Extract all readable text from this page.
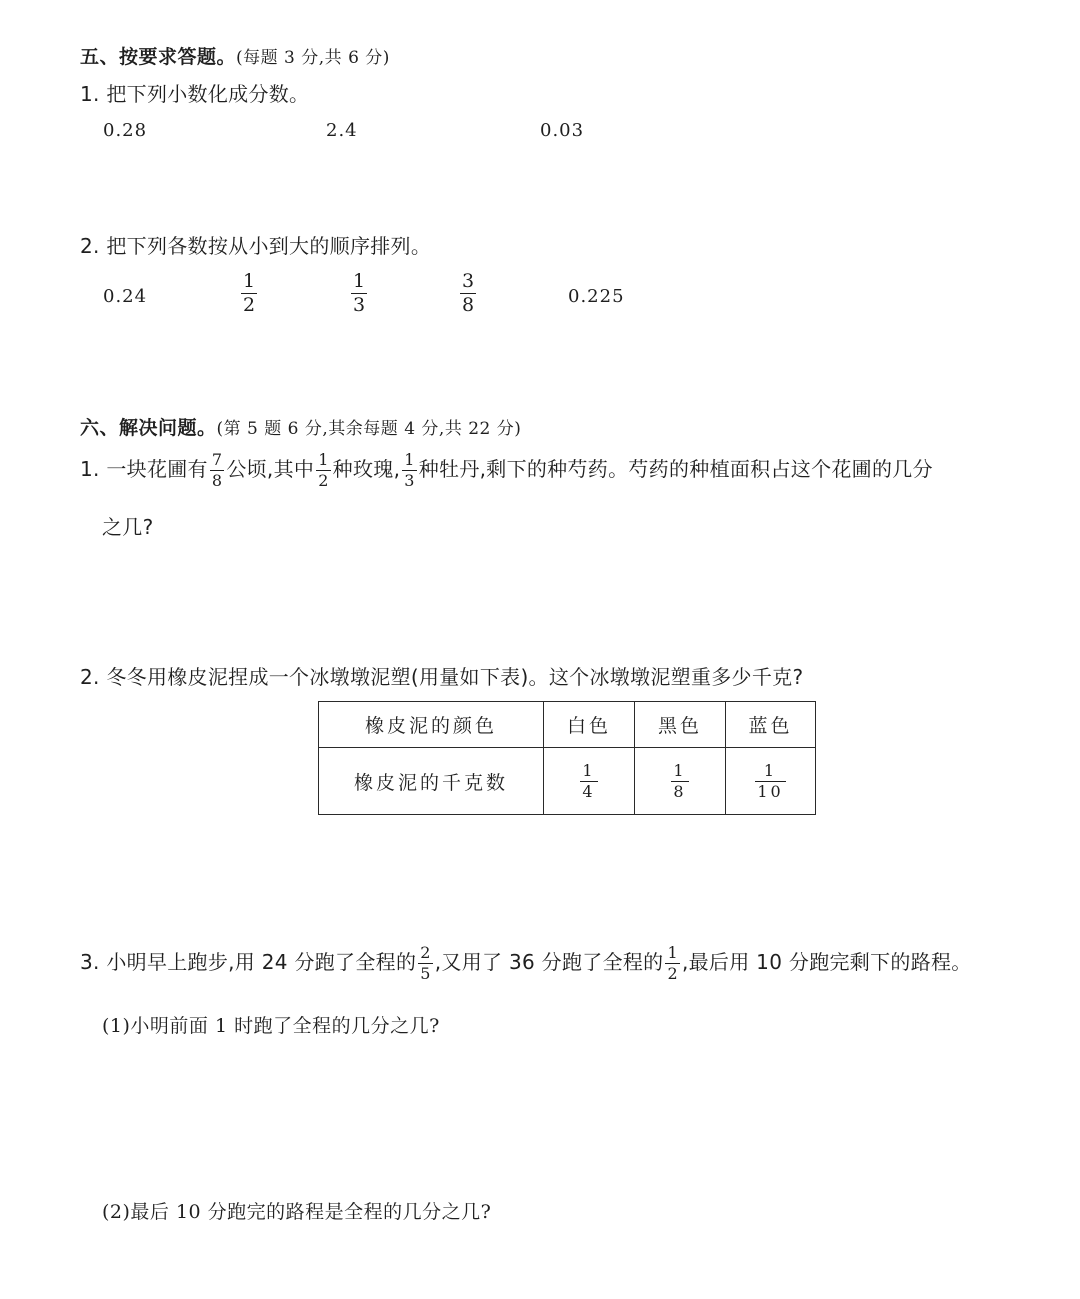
五、按要求答题。(每题 3 分,共 6 分)
1. 把下列小数化成分数。
0.28	2.4	0.03
2. 把下列各数按从小到大的顺序排列。
0.24	$\frac{1}{2}$	$\frac{1}{3}$	$\frac{3}{8}$	0.225
六、解决问题。(第 5 题 6 分,其余每题 4 分,共 22 分)
1. 一块花圃有 $\frac{7}{8}$ 公顷,其中 $\frac{1}{2}$ 种玫瑰, $\frac{1}{3}$ 种牡丹,剩下的种芍药。芍药的种植面积占这个花圃的几分
之几?
2. 冬冬用橡皮泥捏成一个冰墩墩泥塑(用量如下表)。这个冰墩墩泥塑重多少千克?
橡皮泥的颜色	白色	黑色	蓝色
橡皮泥的千克数	$\frac{1}{4}$	$\frac{1}{8}$	$\frac{1}{10}$
3. 小明早上跑步,用 24 分跑了全程的 $\frac{2}{5}$ ,又用了 36 分跑了全程的 $\frac{1}{2}$ ,最后用 10 分跑完剩下的路程。
(1)小明前面 1 时跑了全程的几分之几?
(2)最后 10 分跑完的路程是全程的几分之几?
